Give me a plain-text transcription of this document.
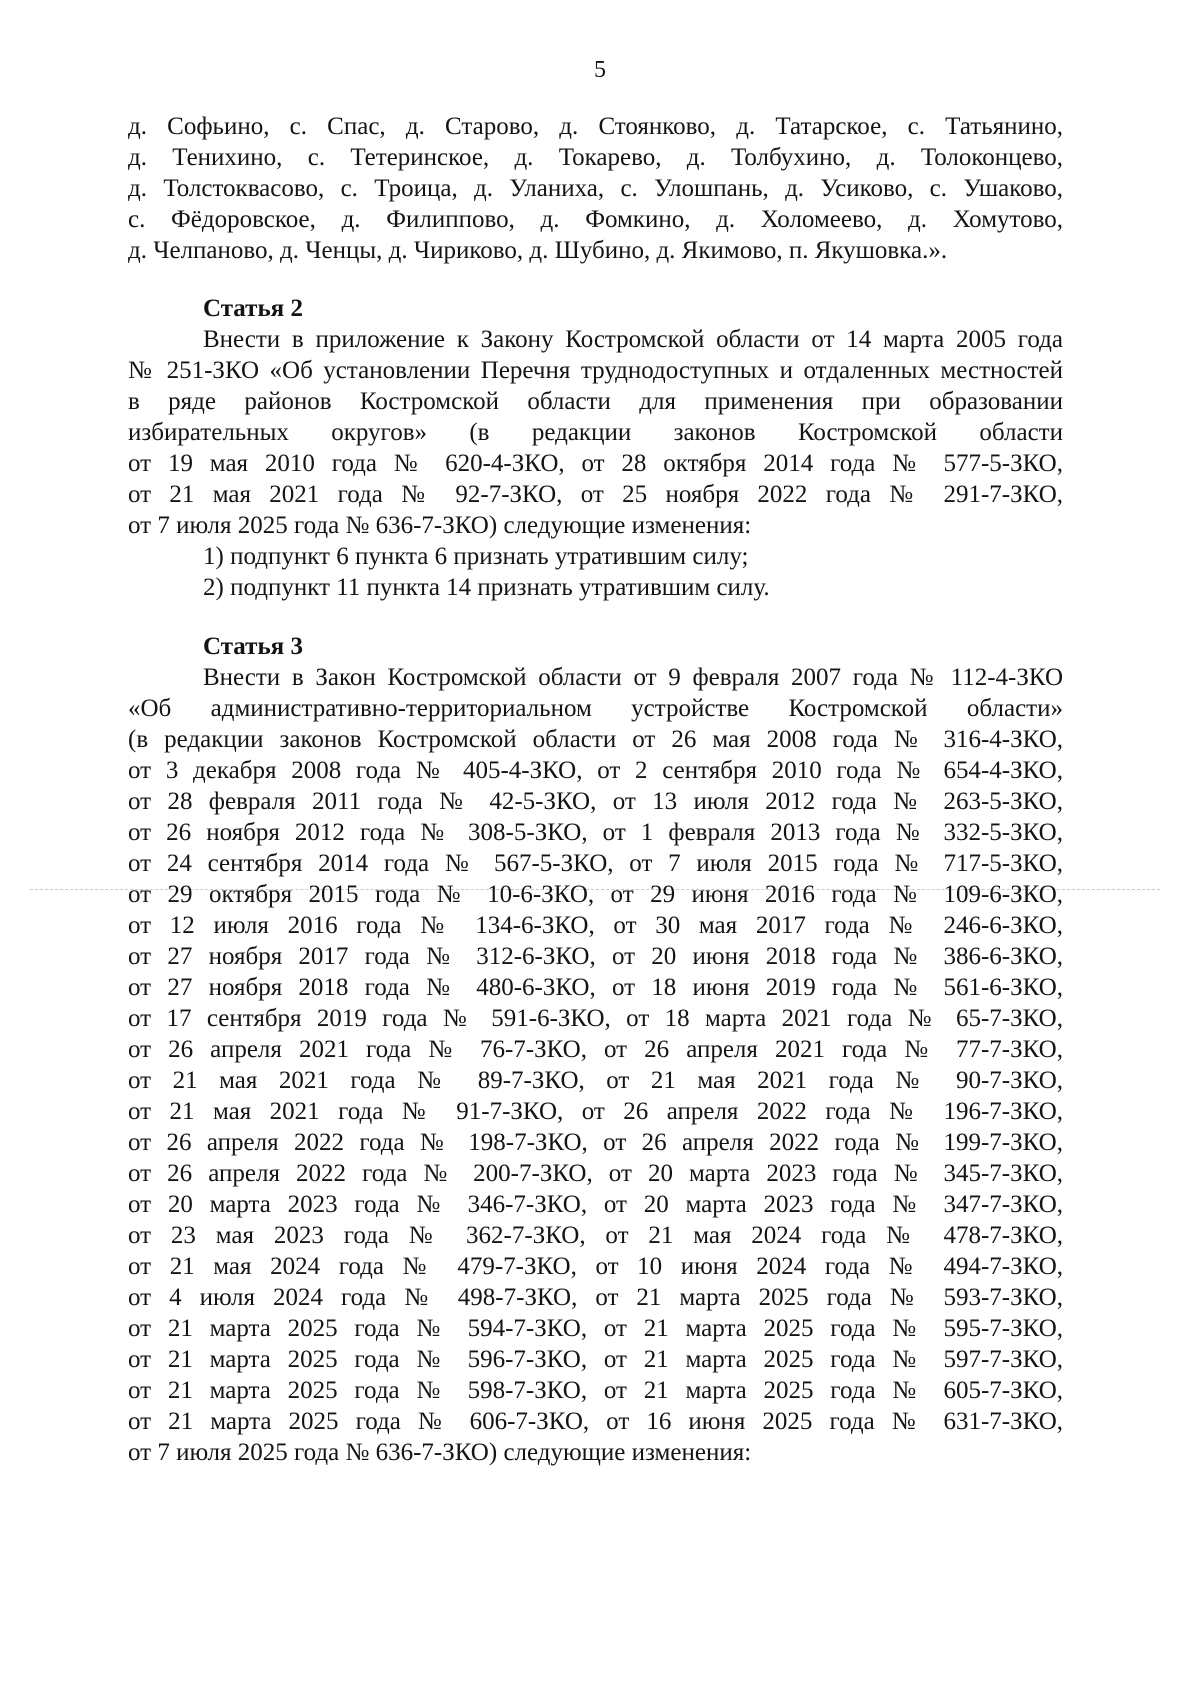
5
д. Софьино, с. Спас, д. Старово, д. Стоянково, д. Татарское, с. Татьянино,
д. Тенихино, с. Тетеринское, д. Токарево, д. Толбухино, д. Толоконцево,
д. Толстоквасово, с. Троица, д. Уланиха, с. Улошпань, д. Усиково, с. Ушаково,
с. Фёдоровское, д. Филиппово, д. Фомкино, д. Холомеево, д. Хомутово,
д. Челпаново, д. Ченцы, д. Чириково, д. Шубино, д. Якимово, п. Якушовка.».
Статья 2
Внести в приложение к Закону Костромской области от 14 марта 2005 года
№ 251-ЗКО «Об установлении Перечня труднодоступных и отдаленных местностей
в ряде районов Костромской области для применения при образовании
избирательных округов» (в редакции законов Костромской области
от 19 мая 2010 года № 620-4-ЗКО, от 28 октября 2014 года № 577-5-ЗКО,
от 21 мая 2021 года № 92-7-ЗКО, от 25 ноября 2022 года № 291-7-ЗКО,
от 7 июля 2025 года № 636-7-ЗКО) следующие изменения:
1) подпункт 6 пункта 6 признать утратившим силу;
2) подпункт 11 пункта 14 признать утратившим силу.
Статья 3
Внести в Закон Костромской области от 9 февраля 2007 года № 112-4-ЗКО
«Об административно-территориальном устройстве Костромской области»
(в редакции законов Костромской области от 26 мая 2008 года № 316-4-ЗКО,
от 3 декабря 2008 года № 405-4-ЗКО, от 2 сентября 2010 года № 654-4-ЗКО,
от 28 февраля 2011 года № 42-5-ЗКО, от 13 июля 2012 года № 263-5-ЗКО,
от 26 ноября 2012 года № 308-5-ЗКО, от 1 февраля 2013 года № 332-5-ЗКО,
от 24 сентября 2014 года № 567-5-ЗКО, от 7 июля 2015 года № 717-5-ЗКО,
от 29 октября 2015 года № 10-6-ЗКО, от 29 июня 2016 года № 109-6-ЗКО,
от 12 июля 2016 года № 134-6-ЗКО, от 30 мая 2017 года № 246-6-ЗКО,
от 27 ноября 2017 года № 312-6-ЗКО, от 20 июня 2018 года № 386-6-ЗКО,
от 27 ноября 2018 года № 480-6-ЗКО, от 18 июня 2019 года № 561-6-ЗКО,
от 17 сентября 2019 года № 591-6-ЗКО, от 18 марта 2021 года № 65-7-ЗКО,
от 26 апреля 2021 года № 76-7-ЗКО, от 26 апреля 2021 года № 77-7-ЗКО,
от 21 мая 2021 года № 89-7-ЗКО, от 21 мая 2021 года № 90-7-ЗКО,
от 21 мая 2021 года № 91-7-ЗКО, от 26 апреля 2022 года № 196-7-ЗКО,
от 26 апреля 2022 года № 198-7-ЗКО, от 26 апреля 2022 года № 199-7-ЗКО,
от 26 апреля 2022 года № 200-7-ЗКО, от 20 марта 2023 года № 345-7-ЗКО,
от 20 марта 2023 года № 346-7-ЗКО, от 20 марта 2023 года № 347-7-ЗКО,
от 23 мая 2023 года № 362-7-ЗКО, от 21 мая 2024 года № 478-7-ЗКО,
от 21 мая 2024 года № 479-7-ЗКО, от 10 июня 2024 года № 494-7-ЗКО,
от 4 июля 2024 года № 498-7-ЗКО, от 21 марта 2025 года № 593-7-ЗКО,
от 21 марта 2025 года № 594-7-ЗКО, от 21 марта 2025 года № 595-7-ЗКО,
от 21 марта 2025 года № 596-7-ЗКО, от 21 марта 2025 года № 597-7-ЗКО,
от 21 марта 2025 года № 598-7-ЗКО, от 21 марта 2025 года № 605-7-ЗКО,
от 21 марта 2025 года № 606-7-ЗКО, от 16 июня 2025 года № 631-7-ЗКО,
от 7 июля 2025 года № 636-7-ЗКО) следующие изменения:
